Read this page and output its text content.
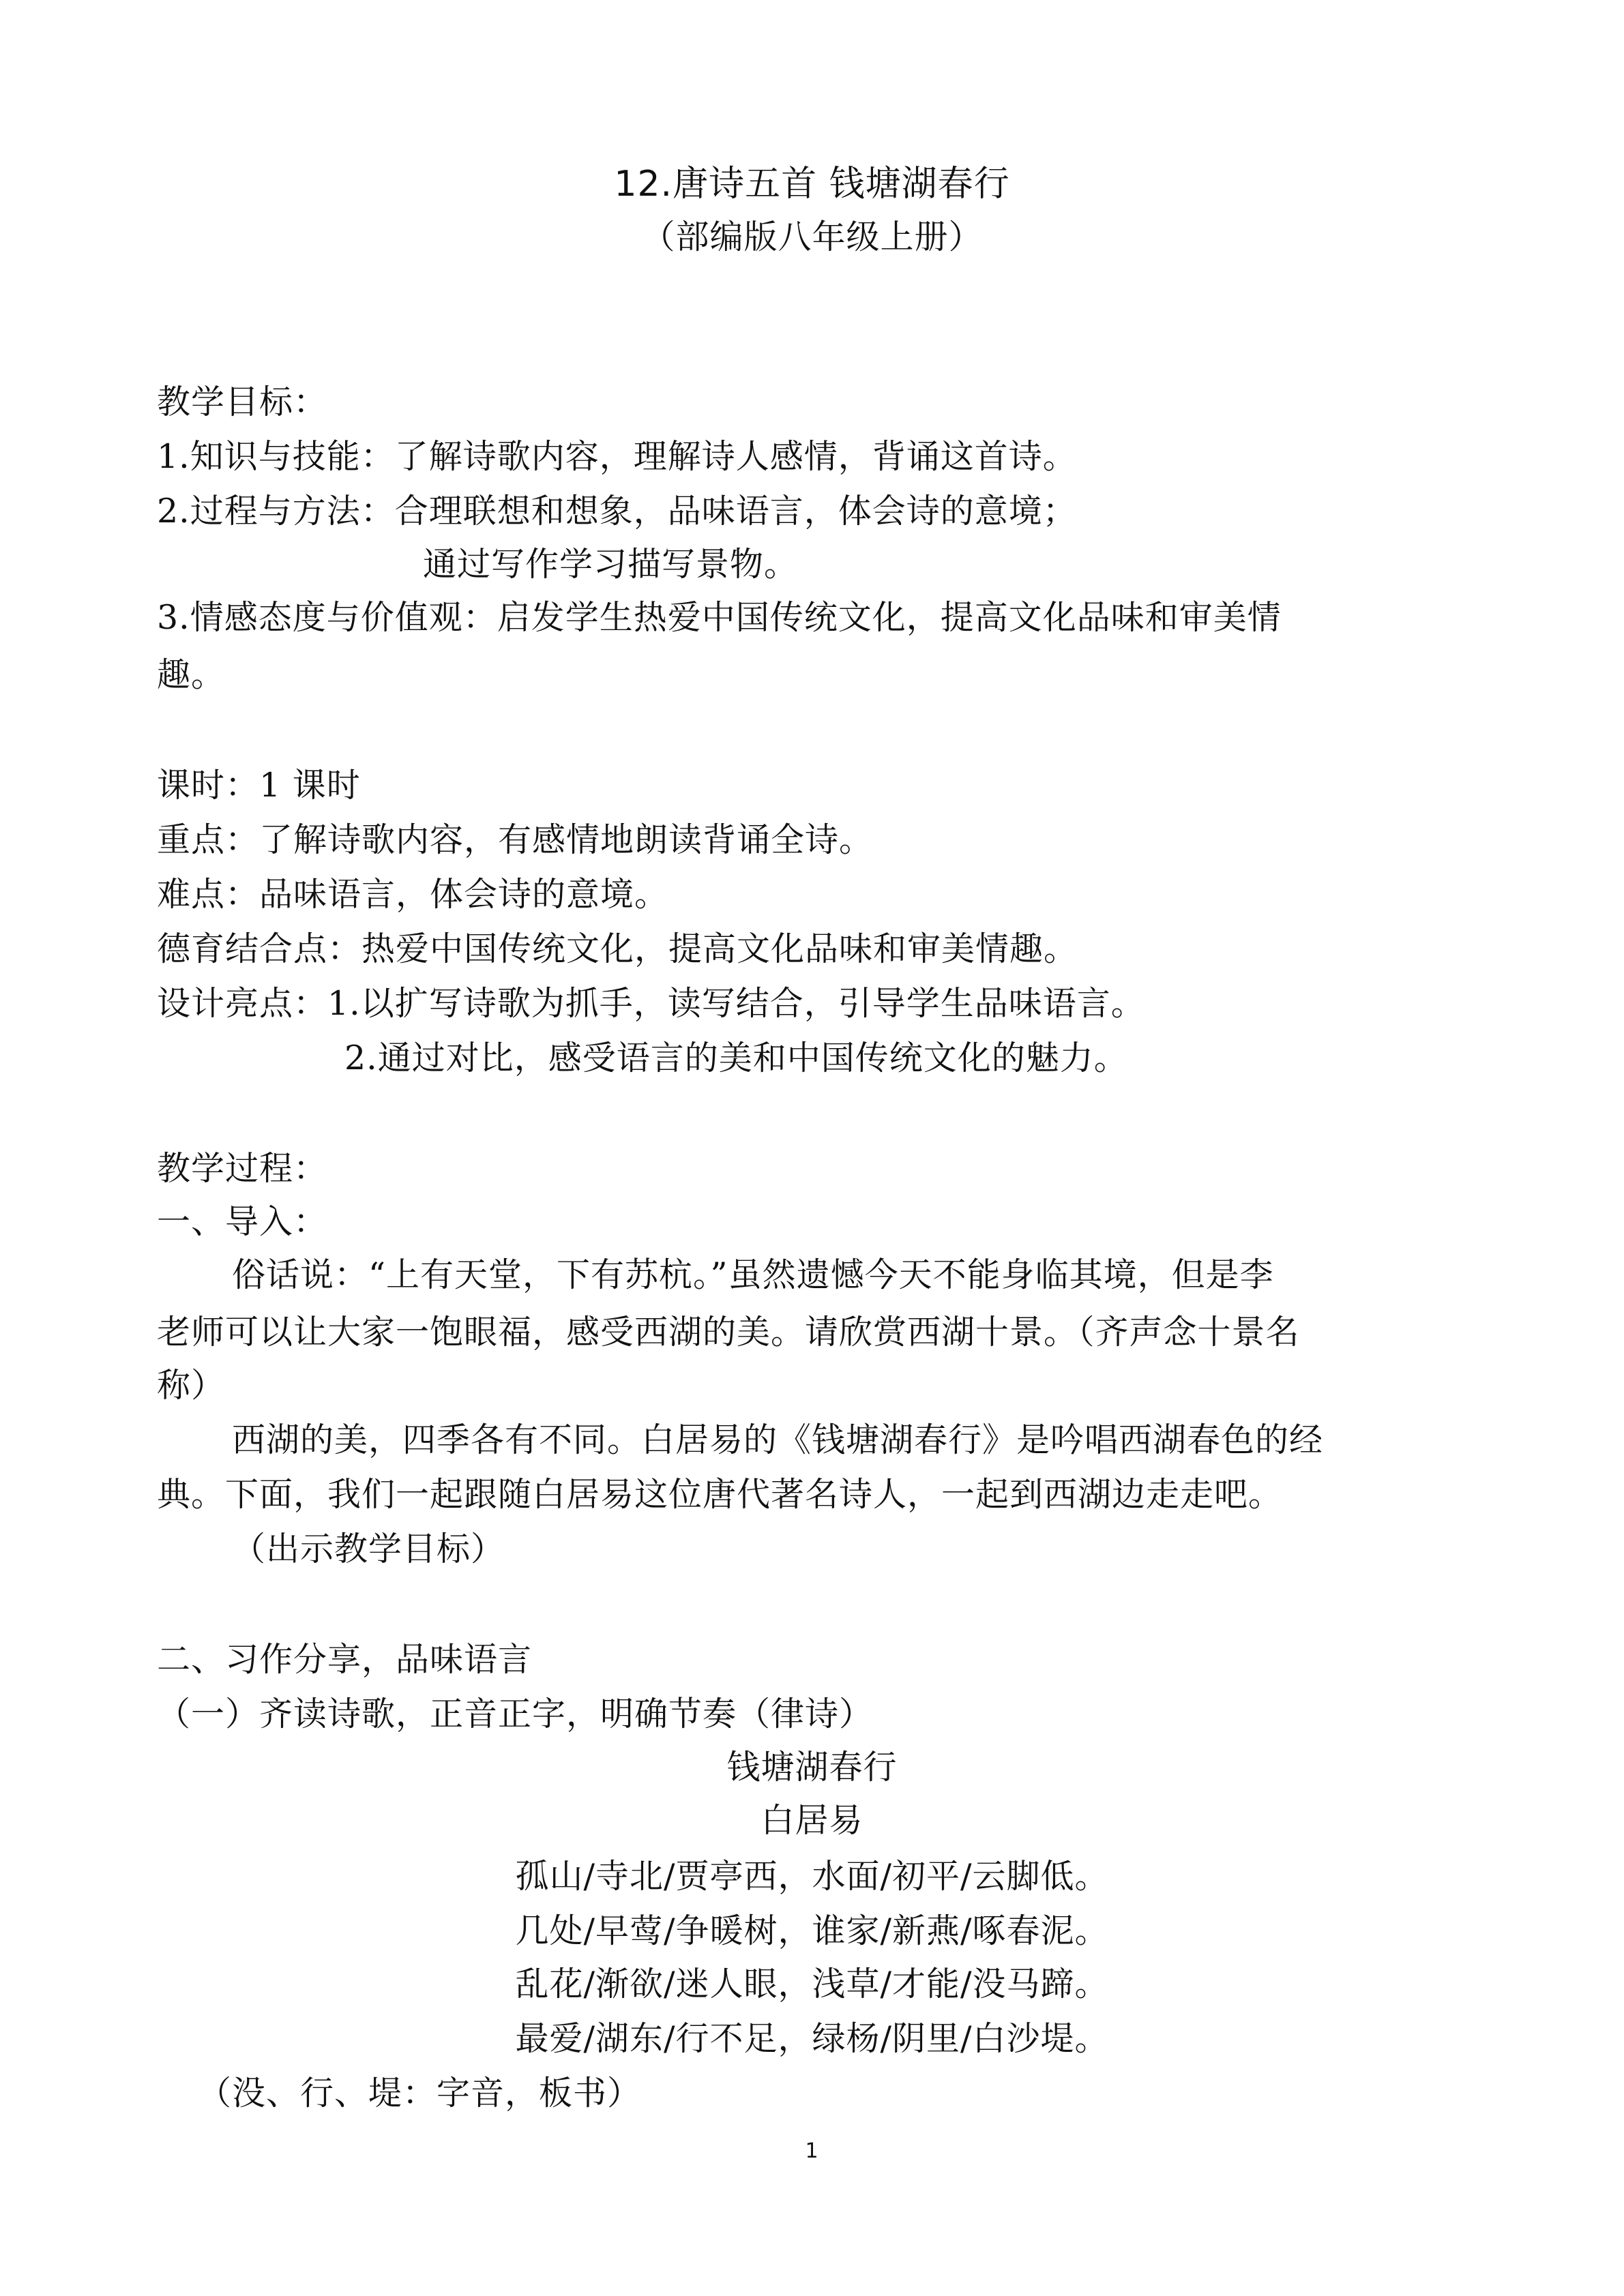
12.唐诗五首 钱塘湖春行
（部编版八年级上册）
教学目标：
1.知识与技能：了解诗歌内容，理解诗人感情，背诵这首诗。
2.过程与方法：合理联想和想象，品味语言，体会诗的意境；
通过写作学习描写景物。
3.情感态度与价值观：启发学生热爱中国传统文化，提高文化品味和审美情
趣。
课时：1 课时
重点：了解诗歌内容，有感情地朗读背诵全诗。
难点：品味语言，体会诗的意境。
德育结合点：热爱中国传统文化，提高文化品味和审美情趣。
设计亮点：1.以扩写诗歌为抓手，读写结合，引导学生品味语言。
2.通过对比，感受语言的美和中国传统文化的魅力。
教学过程：
一、导入：
俗话说：“上有天堂，下有苏杭。”虽然遗憾今天不能身临其境，但是李
老师可以让大家一饱眼福，感受西湖的美。请欣赏西湖十景。（齐声念十景名
称）
西湖的美，四季各有不同。白居易的《钱塘湖春行》是吟唱西湖春色的经
典。下面，我们一起跟随白居易这位唐代著名诗人，一起到西湖边走走吧。
（出示教学目标）
二、习作分享，品味语言
（一）齐读诗歌，正音正字，明确节奏（律诗）
钱塘湖春行
白居易
孤山/寺北/贾亭西，水面/初平/云脚低。
几处/早莺/争暖树，谁家/新燕/啄春泥。
乱花/渐欲/迷人眼，浅草/才能/没马蹄。
最爱/湖东/行不足，绿杨/阴里/白沙堤。
（没、行、堤：字音，板书）
1
